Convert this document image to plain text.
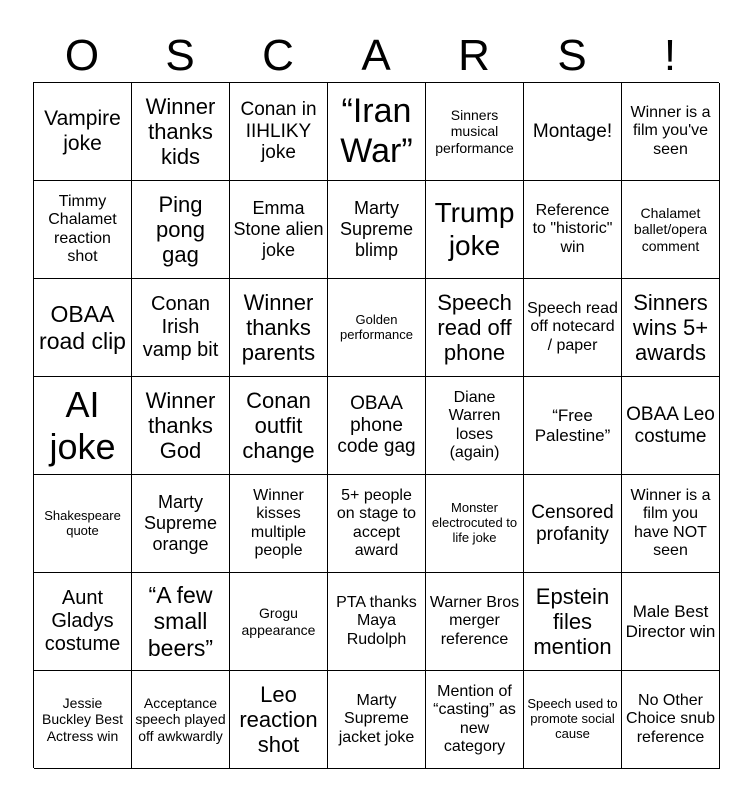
O	S	C	A	R	S	!
Vampire joke
Winner thanks kids
Conan in IIHLIKY joke
“Iran War”
Sinners musical performance
Montage!
Winner is a film you've seen
Timmy Chalamet reaction shot
Ping pong gag
Emma Stone alien joke
Marty Supreme blimp
Trump joke
Reference to "historic" win
Chalamet ballet/opera comment
OBAA road clip
Conan Irish vamp bit
Winner thanks parents
Golden performance
Speech read off phone
Speech read off notecard / paper
Sinners wins 5+ awards
AI joke
Winner thanks God
Conan outfit change
OBAA phone code gag
Diane Warren loses (again)
“Free Palestine”
OBAA Leo costume
Shakespeare quote
Marty Supreme orange
Winner kisses multiple people
5+ people on stage to accept award
Monster electrocuted to life joke
Censored profanity
Winner is a film you have NOT seen
Aunt Gladys costume
“A few small beers”
Grogu appearance
PTA thanks Maya Rudolph
Warner Bros merger reference
Epstein files mention
Male Best Director win
Jessie Buckley Best Actress win
Acceptance speech played off awkwardly
Leo reaction shot
Marty Supreme jacket joke
Mention of “casting” as new category
Speech used to promote social cause
No Other Choice snub reference
